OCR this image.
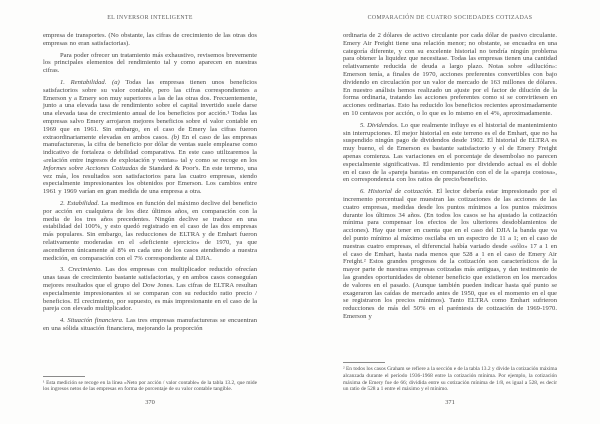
EL INVERSOR INTELIGENTE

empresa de transportes. (No obstante, las cifras de crecimiento de las otras dos empresas no eran satisfactorias).

Para poder ofrecer un tratamiento más exhaustivo, revisemos brevemente los principales elementos del rendimiento tal y como aparecen en nuestras cifras.

1. Rentabilidad. (a) Todas las empresas tienen unos beneficios satisfactorios sobre su valor contable, pero las cifras correspondientes a Emerson y a Emery son muy superiores a las de las otras dos. Frecuentemente, junto a una elevada tasa de rendimiento sobre el capital invertido suele darse una elevada tasa de crecimiento anual de los beneficios por acción.¹ Todas las empresas salvo Emery arrojaron mejores beneficios sobre el valor contable en 1969 que en 1961. Sin embargo, en el caso de Emery las cifras fueron extraordinariamente elevadas en ambos casos. (b) En el caso de las empresas manufactureras, la cifra de beneficio por dólar de ventas suele emplearse como indicativo de fortaleza o debilidad comparativa. En este caso utilizaremos la «relación entre ingresos de explotación y ventas» tal y como se recoge en los Informes sobre Acciones Cotizadas de Standard & Poor's. En este terreno, una vez más, los resultados son satisfactorios para las cuatro empresas, siendo especialmente impresionantes los obtenidos por Emerson. Los cambios entre 1961 y 1969 varían en gran medida de una empresa a otra.

2. Estabilidad. La medimos en función del máximo declive del beneficio por acción en cualquiera de los diez últimos años, en comparación con la media de los tres años precedentes. Ningún declive se traduce en una estabilidad del 100%, y esto quedó registrado en el caso de las dos empresas más populares. Sin embargo, las reducciones de ELTRA y de Emhart fueron relativamente moderadas en el «deficiente ejercicio» de 1970, ya que ascendieron únicamente al 8% en cada uno de los casos atendiendo a nuestra medición, en comparación con el 7% correspondiente al DJIA.

3. Crecimiento. Las dos empresas con multiplicador reducido ofrecían unas tasas de crecimiento bastante satisfactorias, y en ambos casos conseguían mejores resultados que el grupo del Dow Jones. Las cifras de ELTRA resultan especialmente impresionantes si se comparan con su reducido ratio precio / beneficios. El crecimiento, por supuesto, es más impresionante en el caso de la pareja con elevado multiplicador.

4. Situación financiera. Las tres empresas manufactureras se encuentran en una sólida situación financiera, mejorando la proporción

¹ Esta medición se recoge en la línea «Neto por acción / valor contable» de la tabla 13.2, que mide los ingresos netos de las empresas en forma de porcentaje de su valor contable tangible.
370
COMPARACIÓN DE CUATRO SOCIEDADES COTIZADAS

ordinaria de 2 dólares de activo circulante por cada dólar de pasivo circulante. Emery Air Freight tiene una relación menor; no obstante, se encuadra en una categoría diferente, y con su excelente historial no tendría ningún problema para obtener la liquidez que necesitase. Todas las empresas tienen una cantidad relativamente reducida de deuda a largo plazo. Notas sobre «dilución»: Emerson tenía, a finales de 1970, acciones preferentes convertibles con bajo dividendo en circulación por un valor de mercado de 163 millones de dólares. En nuestro análisis hemos realizado un ajuste por el factor de dilución de la forma ordinaria, tratando las acciones preferentes como si se convirtiesen en acciones ordinarias. Esto ha reducido los beneficios recientes aproximadamente en 10 centavos por acción, o lo que es lo mismo en el 4%, aproximadamente.

5. Dividendos. Lo que realmente influye es el historial de mantenimiento sin interrupciones. El mejor historial en este terreno es el de Emhart, que no ha suspendido ningún pago de dividendos desde 1902. El historial de ELTRA es muy bueno, el de Emerson es bastante satisfactorio y el de Emery Freight apenas comienza. Las variaciones en el porcentaje de desembolso no parecen especialmente significativas. El rendimiento por dividendo actual es el doble en el caso de la «pareja barata» en comparación con el de la «pareja costosa», en correspondencia con los ratios de precio/beneficio.

6. Historial de cotización. El lector debería estar impresionado por el incremento porcentual que muestran las cotizaciones de las acciones de las cuatro empresas, medidas desde los puntos mínimos a los puntos máximos durante los últimos 34 años. (En todos los casos se ha ajustado la cotización mínima para compensar los efectos de los ulteriores desdoblamientos de acciones). Hay que tener en cuenta que en el caso del DJIA la banda que va del punto mínimo al máximo oscilaba en un espectro de 11 a 1; en el caso de nuestras cuatro empresas, el diferencial había variado desde «sólo» 17 a 1 en el caso de Emhart, hasta nada menos que 528 a 1 en el caso de Emery Air Freight.² Estos grandes progresos de la cotización son característicos de la mayor parte de nuestras empresas cotizadas más antiguas, y dan testimonio de las grandes oportunidades de obtener beneficio que existieron en los mercados de valores en el pasado. (Aunque también pueden indicar hasta qué punto se exageraron las caídas de mercado antes de 1950, que es el momento en el que se registraron los precios mínimos). Tanto ELTRA como Emhart sufrieron reducciones de más del 50% en el paréntesis de cotización de 1969-1970. Emerson y

² En todos los casos Graham se refiere a la sección e de la tabla 13.2 y divide la cotización máxima alcanzada durante el período 1936-1968 entre la cotización mínima. Por ejemplo, la cotización máxima de Emery fue de 66; dividida entre su cotización mínima de 1/8, es igual a 528, es decir un ratio de 528 a 1 entre el máximo y el mínimo.
371
